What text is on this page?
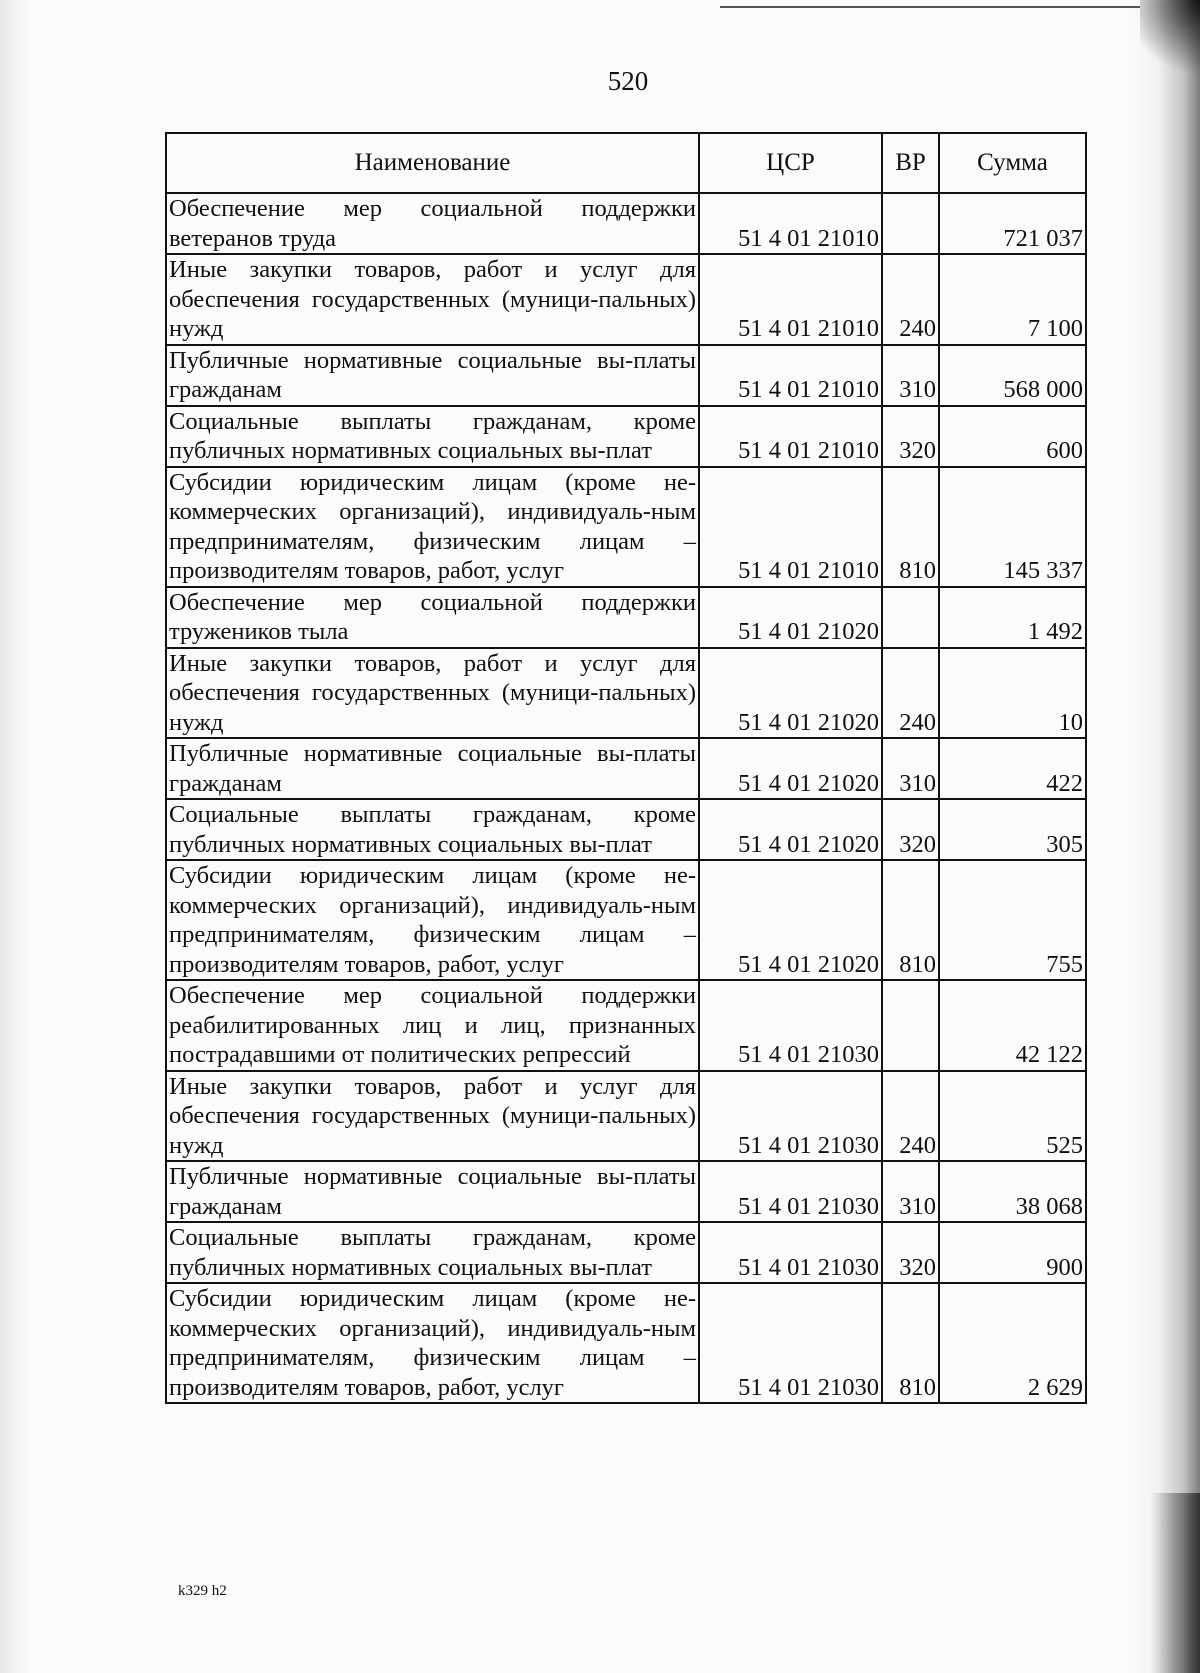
520
Наименование	ЦСР	ВР	Сумма
Обеспечение мер социальной поддержки ветеранов труда	51 4 01 21010		721 037
Иные закупки товаров, работ и услуг для обеспечения государственных (муници-пальных) нужд	51 4 01 21010	240	7 100
Публичные нормативные социальные вы-платы гражданам	51 4 01 21010	310	568 000
Социальные выплаты гражданам, кроме публичных нормативных социальных вы-плат	51 4 01 21010	320	600
Субсидии юридическим лицам (кроме не-коммерческих организаций), индивидуаль-ным предпринимателям, физическим лицам – производителям товаров, работ, услуг	51 4 01 21010	810	145 337
Обеспечение мер социальной поддержки тружеников тыла	51 4 01 21020		1 492
Иные закупки товаров, работ и услуг для обеспечения государственных (муници-пальных) нужд	51 4 01 21020	240	10
Публичные нормативные социальные вы-платы гражданам	51 4 01 21020	310	422
Социальные выплаты гражданам, кроме публичных нормативных социальных вы-плат	51 4 01 21020	320	305
Субсидии юридическим лицам (кроме не-коммерческих организаций), индивидуаль-ным предпринимателям, физическим лицам – производителям товаров, работ, услуг	51 4 01 21020	810	755
Обеспечение мер социальной поддержки реабилитированных лиц и лиц, признанных пострадавшими от политических репрессий	51 4 01 21030		42 122
Иные закупки товаров, работ и услуг для обеспечения государственных (муници-пальных) нужд	51 4 01 21030	240	525
Публичные нормативные социальные вы-платы гражданам	51 4 01 21030	310	38 068
Социальные выплаты гражданам, кроме публичных нормативных социальных вы-плат	51 4 01 21030	320	900
Субсидии юридическим лицам (кроме не-коммерческих организаций), индивидуаль-ным предпринимателям, физическим лицам – производителям товаров, работ, услуг	51 4 01 21030	810	2 629
k329 h2
